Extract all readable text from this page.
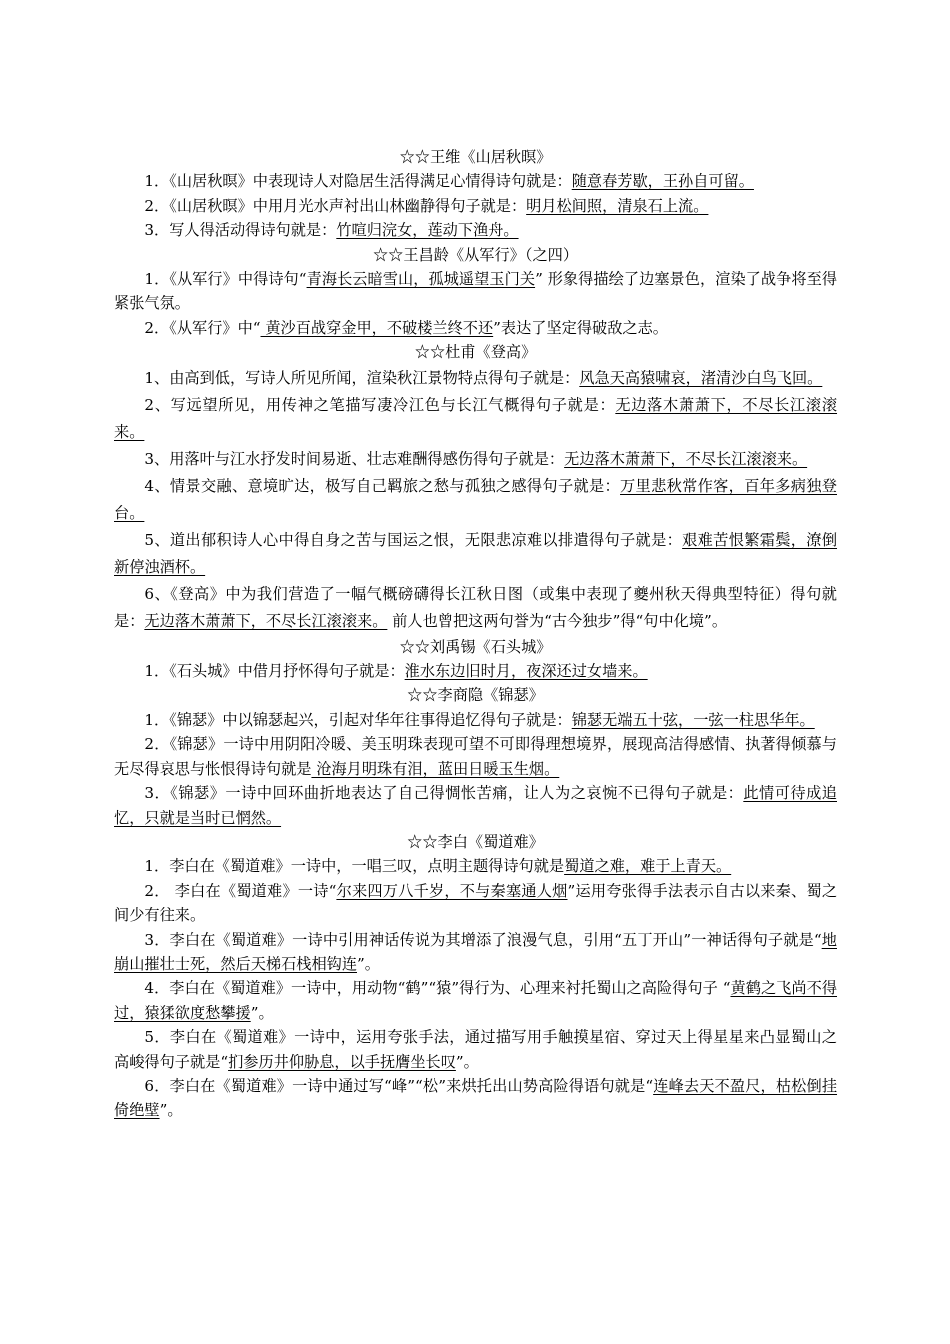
☆☆王维《山居秋暝》
1．《山居秋暝》中表现诗人对隐居生活得满足心情得诗句就是：随意春芳歇，王孙自可留。
2．《山居秋暝》中用月光水声衬出山林幽静得句子就是：明月松间照，清泉石上流。
3．写人得活动得诗句就是：竹喧归浣女，莲动下渔舟。
☆☆王昌龄《从军行》（之四）
1．《从军行》中得诗句“青海长云暗雪山，孤城遥望玉门关” 形象得描绘了边塞景色，渲染了战争将至得紧张气氛。
2．《从军行》中“ 黄沙百战穿金甲，不破楼兰终不还”表达了坚定得破敌之志。
☆☆杜甫《登高》
1、由高到低，写诗人所见所闻，渲染秋江景物特点得句子就是：风急天高猿啸哀，渚清沙白鸟飞回。
2、写远望所见，用传神之笔描写凄冷江色与长江气概得句子就是：无边落木萧萧下，不尽长江滚滚来。
3、用落叶与江水抒发时间易逝、壮志难酬得感伤得句子就是：无边落木萧萧下，不尽长江滚滚来。
4、情景交融、意境旷达，极写自己羁旅之愁与孤独之感得句子就是：万里悲秋常作客，百年多病独登台。
5、道出郁积诗人心中得自身之苦与国运之恨，无限悲凉难以排遣得句子就是：艰难苦恨繁霜鬓，潦倒新停浊酒杯。
6、《登高》中为我们营造了一幅气概磅礴得长江秋日图（或集中表现了夔州秋天得典型特征）得句就是：无边落木萧萧下，不尽长江滚滚来。 前人也曾把这两句誉为“古今独步”得“句中化境”。
☆☆刘禹锡《石头城》
1．《石头城》中借月抒怀得句子就是：淮水东边旧时月，夜深还过女墙来。
☆☆李商隐《锦瑟》
1．《锦瑟》中以锦瑟起兴，引起对华年往事得追忆得句子就是：锦瑟无端五十弦，一弦一柱思华年。
2．《锦瑟》一诗中用阴阳冷暖、美玉明珠表现可望不可即得理想境界，展现高洁得感情、执著得倾慕与无尽得哀思与怅恨得诗句就是 沧海月明珠有泪，蓝田日暖玉生烟。
3．《锦瑟》一诗中回环曲折地表达了自己得惆怅苦痛，让人为之哀惋不已得句子就是：此情可待成追忆，只就是当时已惘然。
☆☆李白《蜀道难》
1．李白在《蜀道难》一诗中，一唱三叹，点明主题得诗句就是蜀道之难，难于上青天。
2． 李白在《蜀道难》一诗“尔来四万八千岁，不与秦塞通人烟”运用夸张得手法表示自古以来秦、蜀之间少有往来。
3．李白在《蜀道难》一诗中引用神话传说为其增添了浪漫气息，引用“五丁开山”一神话得句子就是“地崩山摧壮士死，然后天梯石栈相钩连”。
4．李白在《蜀道难》一诗中，用动物“鹤”“猿”得行为、心理来衬托蜀山之高险得句子 “黄鹤之飞尚不得过，猿猱欲度愁攀援”。
5．李白在《蜀道难》一诗中，运用夸张手法，通过描写用手触摸星宿、穿过天上得星星来凸显蜀山之高峻得句子就是“扪参历井仰胁息，以手抚膺坐长叹”。
6．李白在《蜀道难》一诗中通过写“峰”“松”来烘托出山势高险得语句就是“连峰去天不盈尺，枯松倒挂倚绝壁”。
